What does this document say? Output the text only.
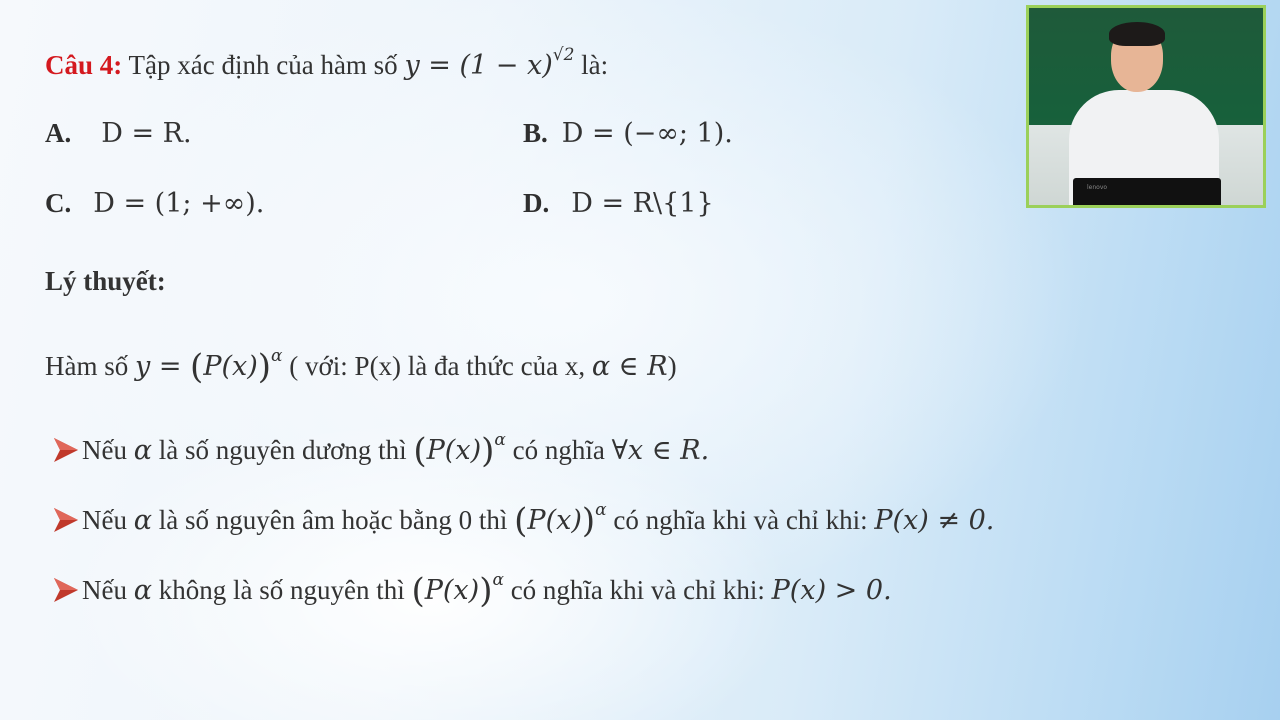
Câu 4: Tập xác định của hàm số $y = (1 - x)^{√2}$ là:
A. D = R.	B. D = (−∞; 1).
C. D = (1; +∞).	D. D = R\{1}
Lý thuyết:
Hàm số $y = (P(x))^\alpha$ ( với: P(x) là đa thức của x, α ∈ R)
Nếu α là số nguyên dương thì $(P(x))^\alpha$ có nghĩa ∀x ∈ R.
Nếu α là số nguyên âm hoặc bằng 0 thì $(P(x))^\alpha$ có nghĩa khi và chỉ khi: P(x) ≠ 0.
Nếu α không là số nguyên thì $(P(x))^\alpha$ có nghĩa khi và chỉ khi: P(x) > 0.
lenovo
